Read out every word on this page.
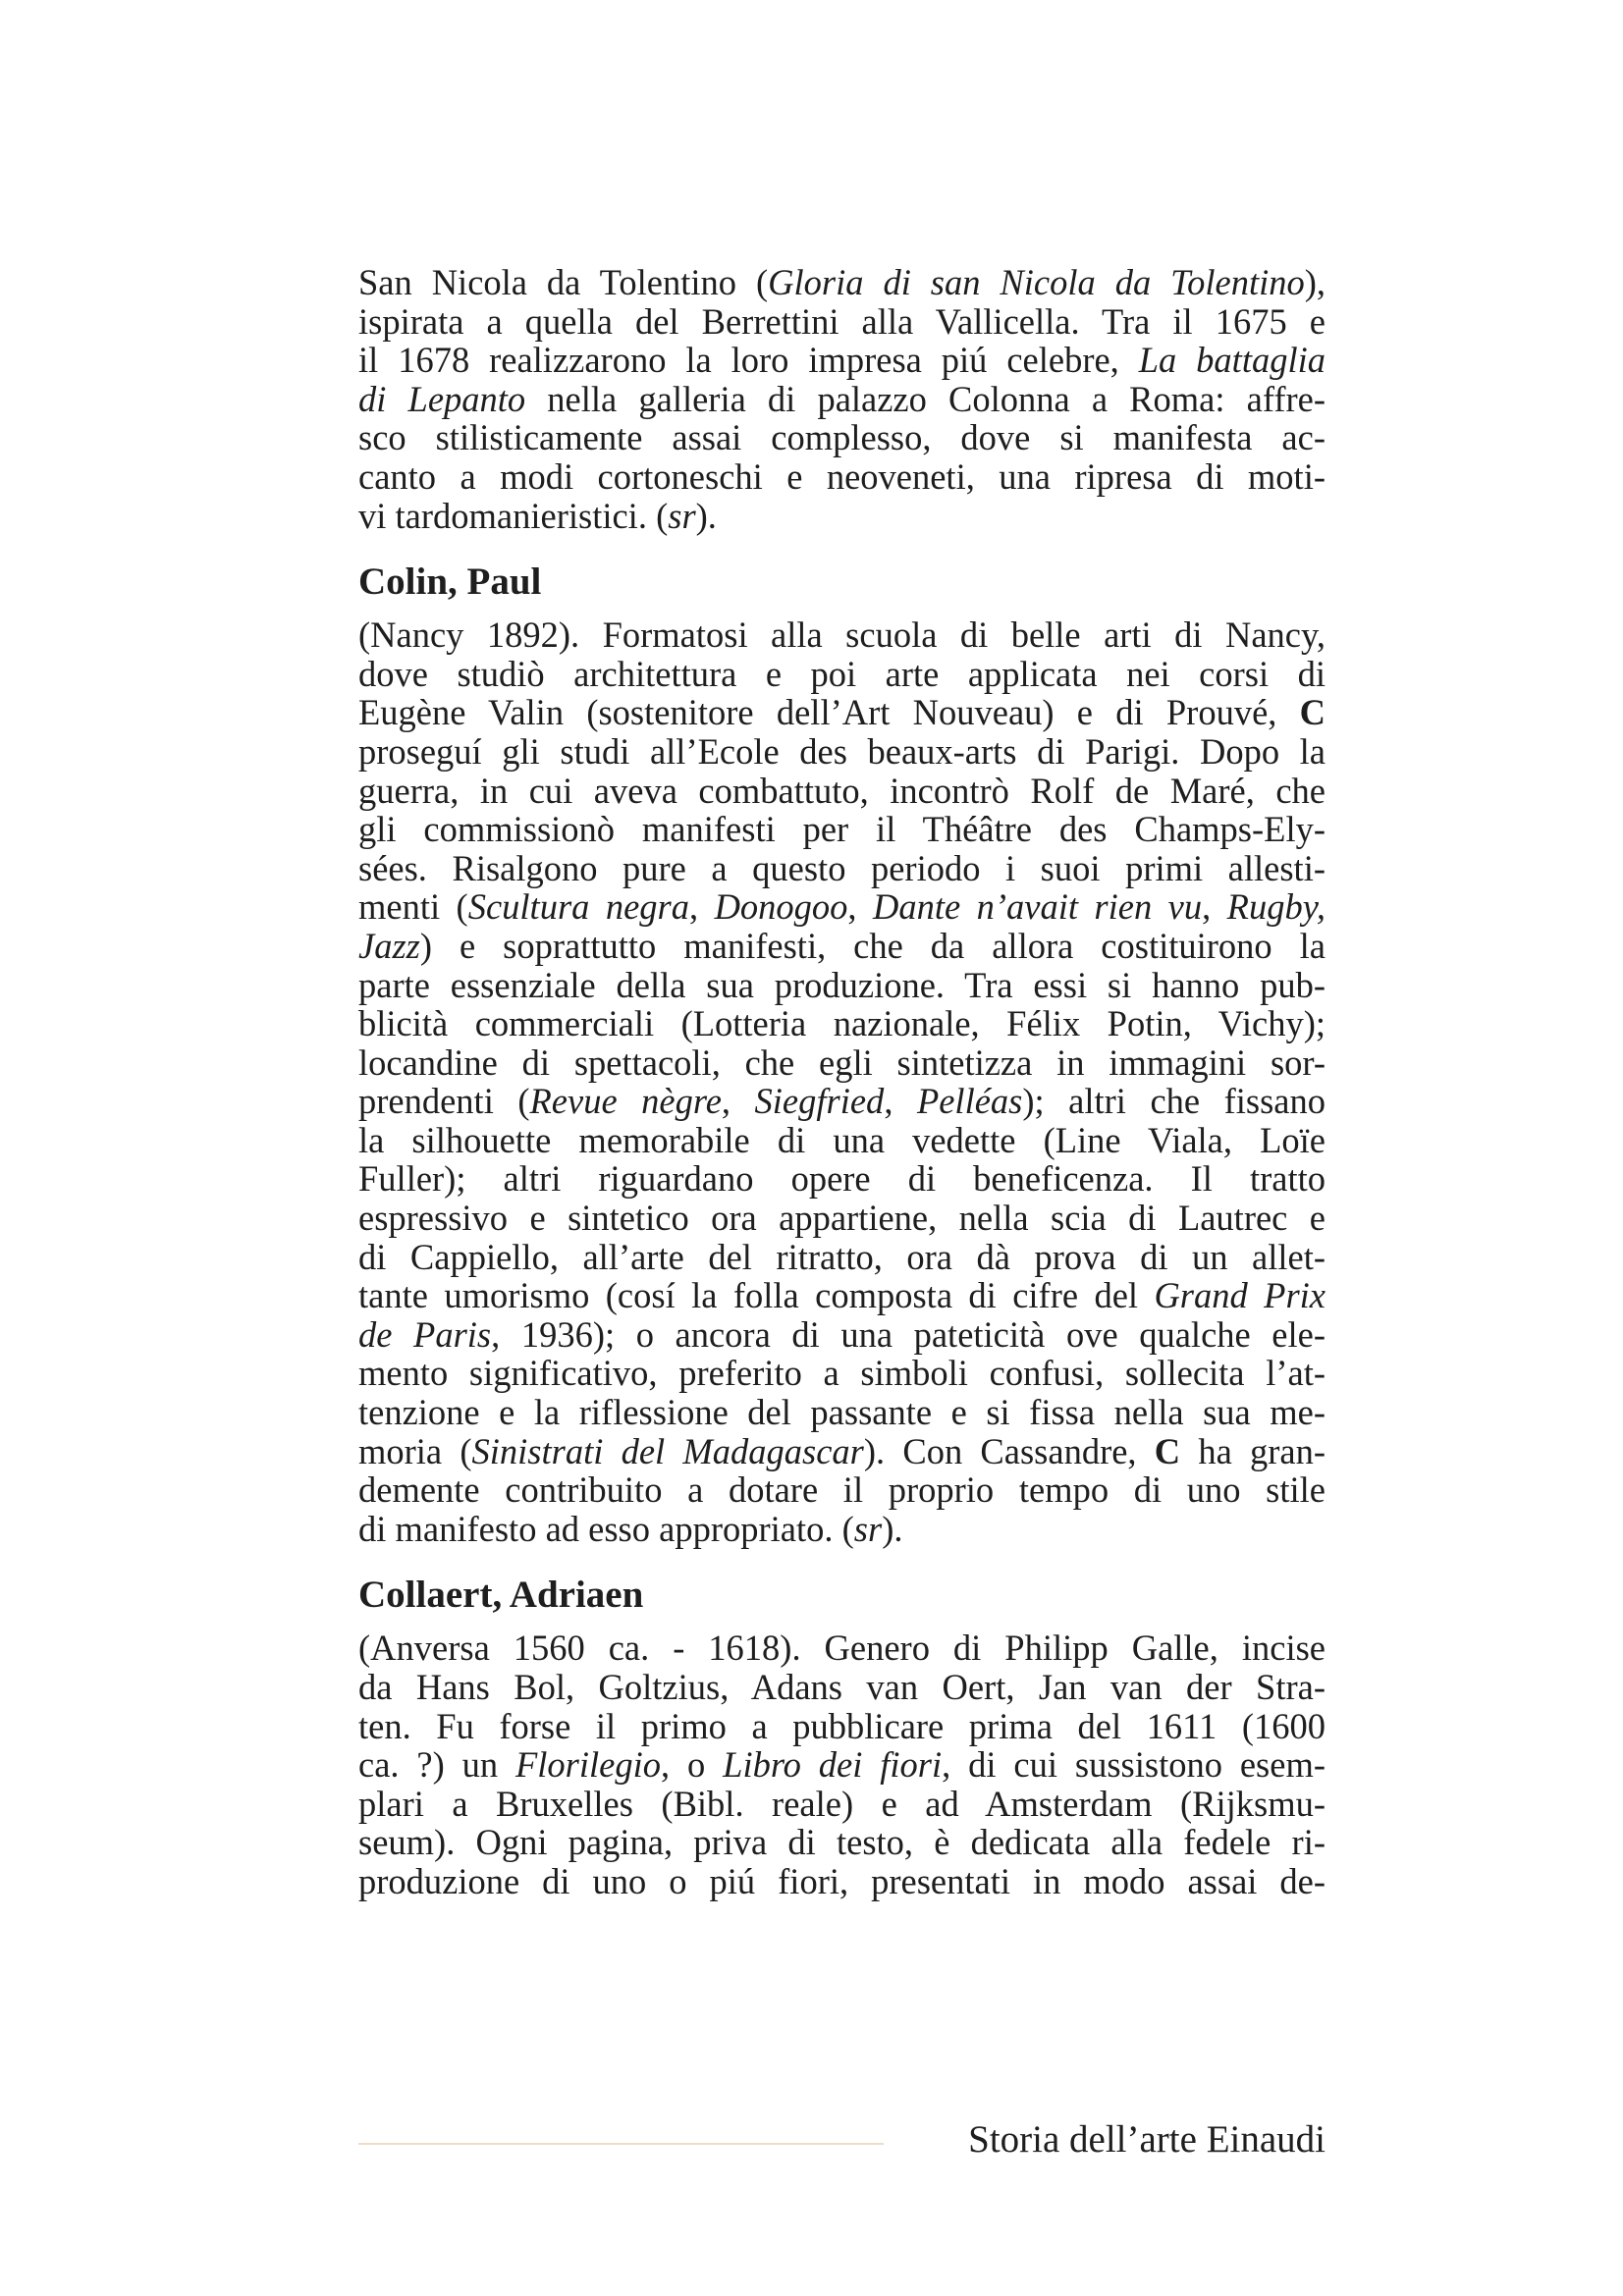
San Nicola da Tolentino (Gloria di san Nicola da Tolentino),
ispirata a quella del Berrettini alla Vallicella. Tra il 1675 e
il 1678 realizzarono la loro impresa piú celebre, La battaglia
di Lepanto nella galleria di palazzo Colonna a Roma: affre-
sco stilisticamente assai complesso, dove si manifesta ac-
canto a modi cortoneschi e neoveneti, una ripresa di moti-
vi tardomanieristici. (sr).

Colin, Paul

(Nancy 1892). Formatosi alla scuola di belle arti di Nancy,
dove studiò architettura e poi arte applicata nei corsi di
Eugène Valin (sostenitore dell’Art Nouveau) e di Prouvé, C
proseguí gli studi all’Ecole des beaux-arts di Parigi. Dopo la
guerra, in cui aveva combattuto, incontrò Rolf de Maré, che
gli commissionò manifesti per il Théâtre des Champs-Ely-
sées. Risalgono pure a questo periodo i suoi primi allesti-
menti (Scultura negra, Donogoo, Dante n’avait rien vu, Rugby,
Jazz) e soprattutto manifesti, che da allora costituirono la
parte essenziale della sua produzione. Tra essi si hanno pub-
blicità commerciali (Lotteria nazionale, Félix Potin, Vichy);
locandine di spettacoli, che egli sintetizza in immagini sor-
prendenti (Revue nègre, Siegfried, Pelléas); altri che fissano
la silhouette memorabile di una vedette (Line Viala, Loïe
Fuller); altri riguardano opere di beneficenza. Il tratto
espressivo e sintetico ora appartiene, nella scia di Lautrec e
di Cappiello, all’arte del ritratto, ora dà prova di un allet-
tante umorismo (cosí la folla composta di cifre del Grand Prix
de Paris, 1936); o ancora di una pateticità ove qualche ele-
mento significativo, preferito a simboli confusi, sollecita l’at-
tenzione e la riflessione del passante e si fissa nella sua me-
moria (Sinistrati del Madagascar). Con Cassandre, C ha gran-
demente contribuito a dotare il proprio tempo di uno stile
di manifesto ad esso appropriato. (sr).

Collaert, Adriaen

(Anversa 1560 ca. - 1618). Genero di Philipp Galle, incise
da Hans Bol, Goltzius, Adans van Oert, Jan van der Stra-
ten. Fu forse il primo a pubblicare prima del 1611 (1600
ca. ?) un Florilegio, o Libro dei fiori, di cui sussistono esem-
plari a Bruxelles (Bibl. reale) e ad Amsterdam (Rijksmu-
seum). Ogni pagina, priva di testo, è dedicata alla fedele ri-
produzione di uno o piú fiori, presentati in modo assai de-

Storia dell’arte Einaudi
